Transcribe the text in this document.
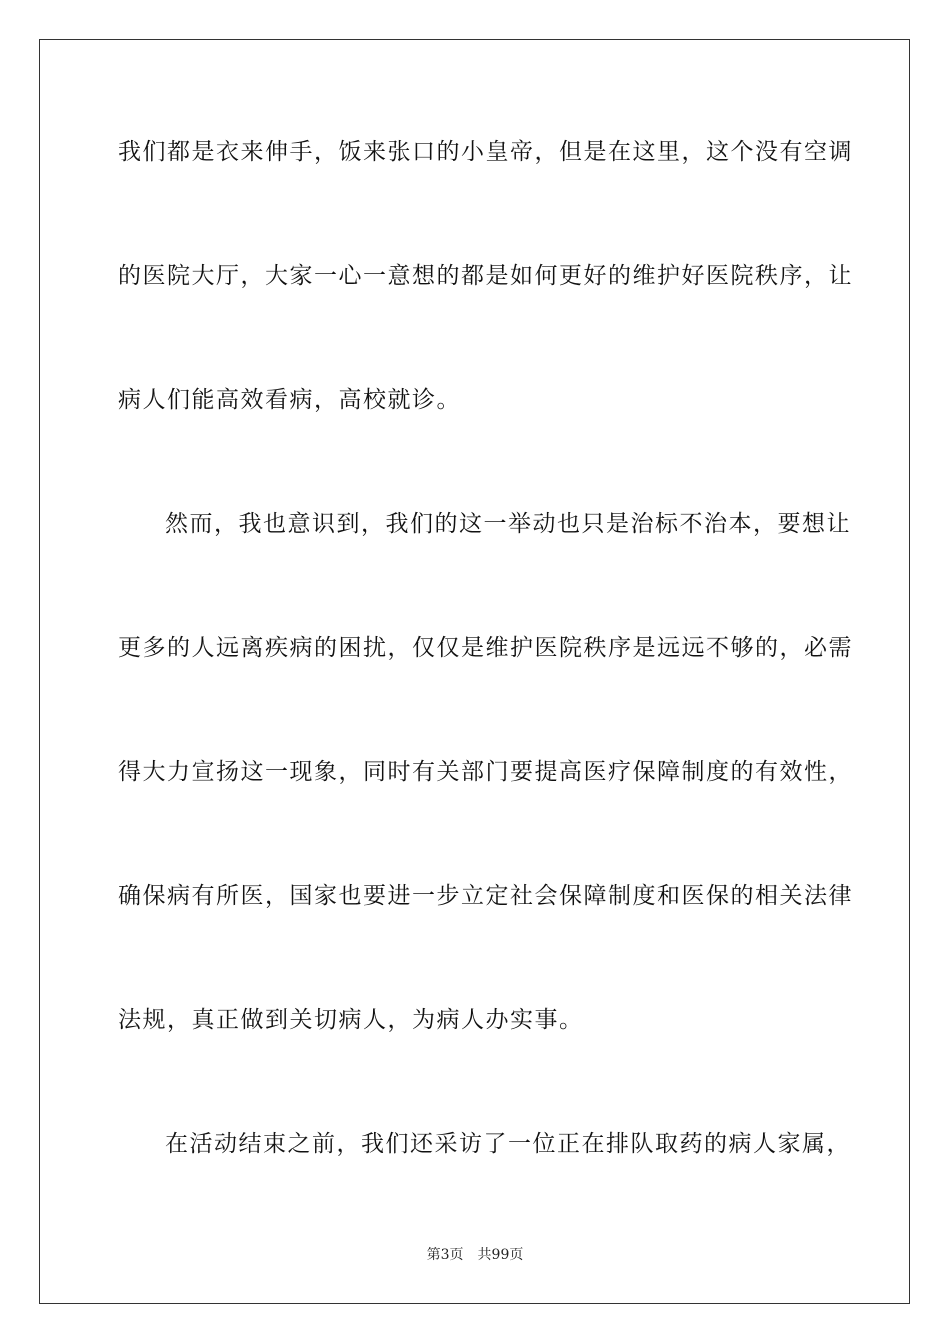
我们都是衣来伸手，饭来张口的小皇帝，但是在这里，这个没有空调
的医院大厅，大家一心一意想的都是如何更好的维护好医院秩序，让
病人们能高效看病，高校就诊。
然而，我也意识到，我们的这一举动也只是治标不治本，要想让
更多的人远离疾病的困扰，仅仅是维护医院秩序是远远不够的，必需
得大力宣扬这一现象，同时有关部门要提高医疗保障制度的有效性，
确保病有所医，国家也要进一步立定社会保障制度和医保的相关法律
法规，真正做到关切病人，为病人办实事。
在活动结束之前，我们还采访了一位正在排队取药的病人家属，
第3页 共99页
